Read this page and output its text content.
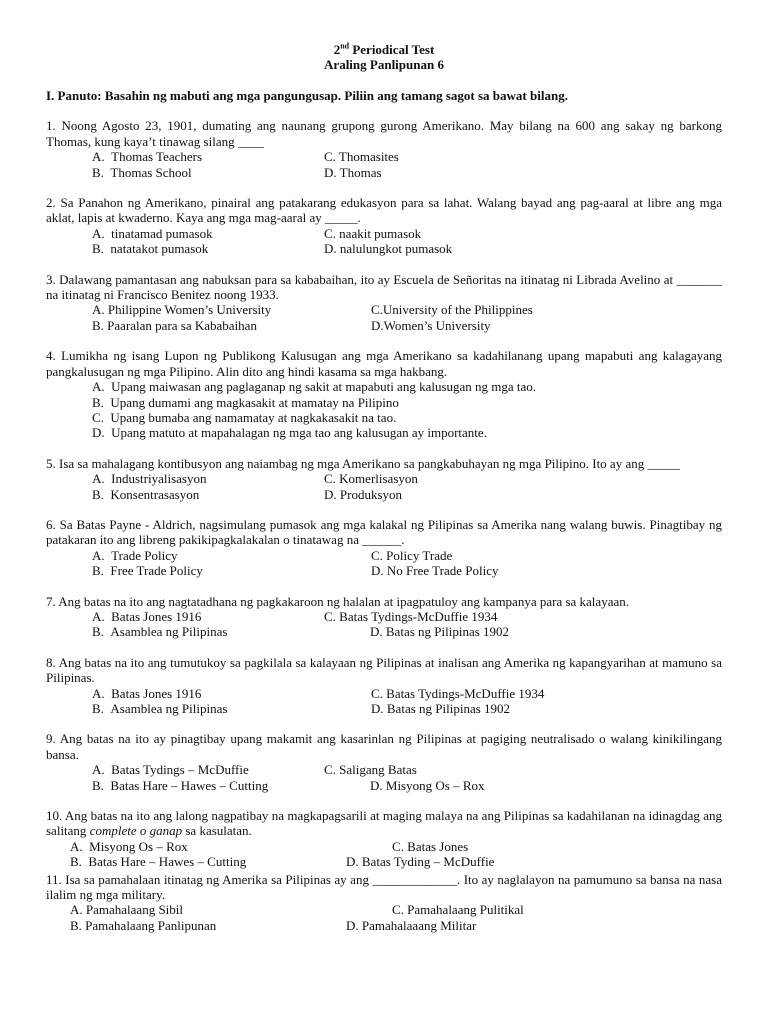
2nd Periodical Test
Araling Panlipunan 6
I. Panuto: Basahin ng mabuti ang mga pangungusap. Piliin ang tamang sagot sa bawat bilang.
1. Noong Agosto 23, 1901, dumating ang naunang grupong gurong Amerikano. May bilang na 600 ang sakay ng barkong Thomas, kung kaya’t tinawag silang ____
A. Thomas Teachers	C. Thomasites
B. Thomas School	D. Thomas
2. Sa Panahon ng Amerikano, pinairal ang patakarang edukasyon para sa lahat. Walang bayad ang pag-aaral at libre ang mga aklat, lapis at kwaderno. Kaya ang mga mag-aaral ay _____.
A. tinatamad pumasok	C. naakit pumasok
B. natatakot pumasok	D. nalulungkot pumasok
3. Dalawang pamantasan ang nabuksan para sa kababaihan, ito ay Escuela de Señoritas na itinatag ni Librada Avelino at _______ na itinatag ni Francisco Benitez noong 1933.
A. Philippine Women’s University	C.University of the Philippines
B. Paaralan para sa Kababaihan	D.Women’s University
4. Lumikha ng isang Lupon ng Publikong Kalusugan ang mga Amerikano sa kadahilanang upang mapabuti ang kalagayang pangkalusugan ng mga Pilipino. Alin dito ang hindi kasama sa mga hakbang.
A. Upang maiwasan ang paglaganap ng sakit at mapabuti ang kalusugan ng mga tao.
B. Upang dumami ang magkasakit at mamatay na Pilipino
C. Upang bumaba ang namamatay at nagkakasakit na tao.
D. Upang matuto at mapahalagan ng mga tao ang kalusugan ay importante.
5. Isa sa mahalagang kontibusyon ang naiambag ng mga Amerikano sa pangkabuhayan ng mga Pilipino. Ito ay ang _____
A. Industriyalisasyon	C. Komerlisasyon
B. Konsentrasasyon	D. Produksyon
6. Sa Batas Payne - Aldrich, nagsimulang pumasok ang mga kalakal ng Pilipinas sa Amerika nang walang buwis. Pinagtibay ng patakaran ito ang libreng pakikipagkalakalan o tinatawag na ______.
A. Trade Policy	C. Policy Trade
B. Free Trade Policy	D. No Free Trade Policy
7. Ang batas na ito ang nagtatadhana ng pagkakaroon ng halalan at ipagpatuloy ang kampanya para sa kalayaan.
A. Batas Jones 1916	C. Batas Tydings-McDuffie 1934
B. Asamblea ng Pilipinas	D. Batas ng Pilipinas 1902
8. Ang batas na ito ang tumutukoy sa pagkilala sa kalayaan ng Pilipinas at inalisan ang Amerika ng kapangyarihan at mamuno sa Pilipinas.
A. Batas Jones 1916	C. Batas Tydings-McDuffie 1934
B. Asamblea ng Pilipinas	D. Batas ng Pilipinas 1902
9. Ang batas na ito ay pinagtibay upang makamit ang kasarinlan ng Pilipinas at pagiging neutralisado o walang kinikilingang bansa.
A. Batas Tydings – McDuffie	C. Saligang Batas
B. Batas Hare – Hawes – Cutting	D. Misyong Os – Rox
10. Ang batas na ito ang lalong nagpatibay na magkapagsarili at maging malaya na ang Pilipinas sa kadahilanan na idinagdag ang salitang complete o ganap sa kasulatan.
A. Misyong Os – Rox	C. Batas Jones
B. Batas Hare – Hawes – Cutting	D. Batas Tyding – McDuffie
11. Isa sa pamahalaan itinatag ng Amerika sa Pilipinas ay ang _____________. Ito ay naglalayon na pamumuno sa bansa na nasa ilalim ng mga military.
A. Pamahalaang Sibil	C. Pamahalaang Pulitikal
B. Pamahalaang Panlipunan	D. Pamahalaaang Militar
